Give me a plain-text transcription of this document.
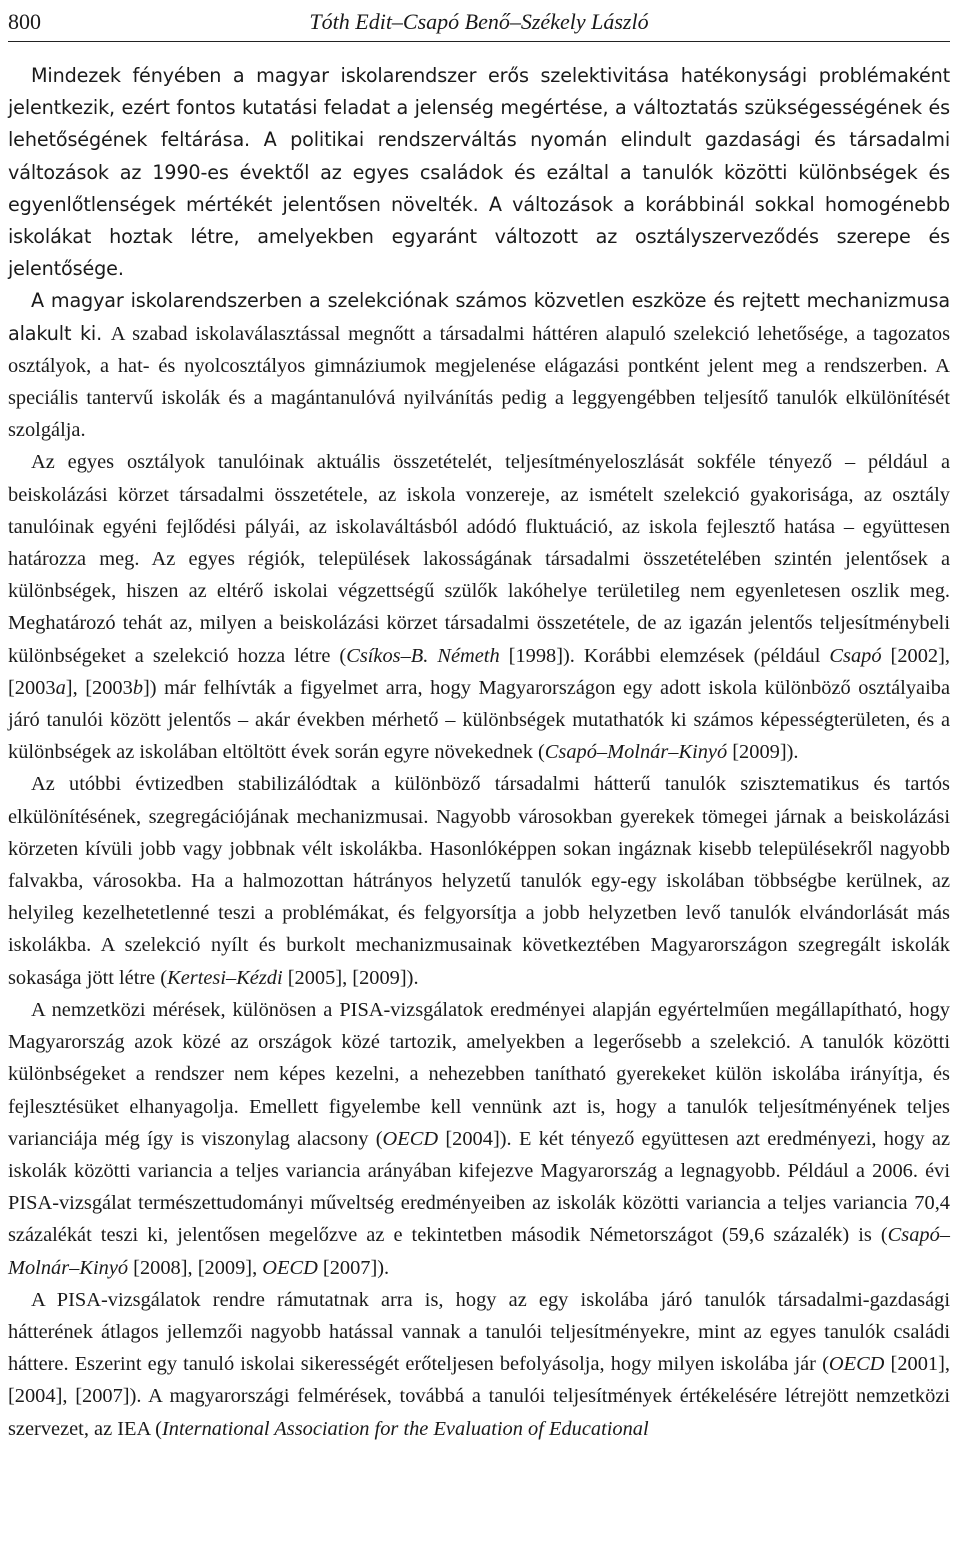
800	Tóth Edit–Csapó Benő–Székely László

Mindezek fényében a magyar iskolarendszer erős szelektivitása hatékonysági problémaként jelentkezik, ezért fontos kutatási feladat a jelenség megértése, a változtatás szükségességének és lehetőségének feltárása. A politikai rendszerváltás nyomán elindult gazdasági és társadalmi változások az 1990-es évektől az egyes családok és ezáltal a tanulók közötti különbségek és egyenlőtlenségek mértékét jelentősen növelték. A változások a korábbinál sokkal homogénebb iskolákat hoztak létre, amelyekben egyaránt változott az osztályszerveződés szerepe és jelentősége.

A magyar iskolarendszerben a szelekciónak számos közvetlen eszköze és rejtett mechanizmusa alakult ki. A szabad iskolaválasztással megnőtt a társadalmi háttéren alapuló szelekció lehetősége, a tagozatos osztályok, a hat- és nyolcosztályos gimnáziumok megjelenése elágazási pontként jelent meg a rendszerben. A speciális tantervű iskolák és a magántanulóvá nyilvánítás pedig a leggyengébben teljesítő tanulók elkülönítését szolgálja.

Az egyes osztályok tanulóinak aktuális összetételét, teljesítményeloszlását sokféle tényező – például a beiskolázási körzet társadalmi összetétele, az iskola vonzereje, az ismételt szelekció gyakorisága, az osztály tanulóinak egyéni fejlődési pályái, az iskolaváltásból adódó fluktuáció, az iskola fejlesztő hatása – együttesen határozza meg. Az egyes régiók, települések lakosságának társadalmi összetételében szintén jelentősek a különbségek, hiszen az eltérő iskolai végzettségű szülők lakóhelye területileg nem egyenletesen oszlik meg. Meghatározó tehát az, milyen a beiskolázási körzet társadalmi összetétele, de az igazán jelentős teljesítménybeli különbségeket a szelekció hozza létre (Csíkos–B. Németh [1998]). Korábbi elemzések (például Csapó [2002], [2003a], [2003b]) már felhívták a figyelmet arra, hogy Magyarországon egy adott iskola különböző osztályaiba járó tanulói között jelentős – akár években mérhető – különbségek mutathatók ki számos képességterületen, és a különbségek az iskolában eltöltött évek során egyre növekednek (Csapó–Molnár–Kinyó [2009]).

Az utóbbi évtizedben stabilizálódtak a különböző társadalmi hátterű tanulók szisztematikus és tartós elkülönítésének, szegregációjának mechanizmusai. Nagyobb városokban gyerekek tömegei járnak a beiskolázási körzeten kívüli jobb vagy jobbnak vélt iskolákba. Hasonlóképpen sokan ingáznak kisebb településekről nagyobb falvakba, városokba. Ha a halmozottan hátrányos helyzetű tanulók egy-egy iskolában többségbe kerülnek, az helyileg kezelhetetlenné teszi a problémákat, és felgyorsítja a jobb helyzetben levő tanulók elvándorlását más iskolákba. A szelekció nyílt és burkolt mechanizmusainak következtében Magyarországon szegregált iskolák sokasága jött létre (Kertesi–Kézdi [2005], [2009]).

A nemzetközi mérések, különösen a PISA-vizsgálatok eredményei alapján egyértelműen megállapítható, hogy Magyarország azok közé az országok közé tartozik, amelyekben a legerősebb a szelekció. A tanulók közötti különbségeket a rendszer nem képes kezelni, a nehezebben tanítható gyerekeket külön iskolába irányítja, és fejlesztésüket elhanyagolja. Emellett figyelembe kell vennünk azt is, hogy a tanulók teljesítményének teljes varianciája még így is viszonylag alacsony (OECD [2004]). E két tényező együttesen azt eredményezi, hogy az iskolák közötti variancia a teljes variancia arányában kifejezve Magyarország a legnagyobb. Például a 2006. évi PISA-vizsgálat természettudományi műveltség eredményeiben az iskolák közötti variancia a teljes variancia 70,4 százalékát teszi ki, jelentősen megelőzve az e tekintetben második Németországot (59,6 százalék) is (Csapó–Molnár–Kinyó [2008], [2009], OECD [2007]).

A PISA-vizsgálatok rendre rámutatnak arra is, hogy az egy iskolába járó tanulók társadalmi-gazdasági hátterének átlagos jellemzői nagyobb hatással vannak a tanulói teljesítményekre, mint az egyes tanulók családi háttere. Eszerint egy tanuló iskolai sikerességét erőteljesen befolyásolja, hogy milyen iskolába jár (OECD [2001], [2004], [2007]). A magyarországi felmérések, továbbá a tanulói teljesítmények értékelésére létrejött nemzetközi szervezet, az IEA (International Association for the Evaluation of Educational
